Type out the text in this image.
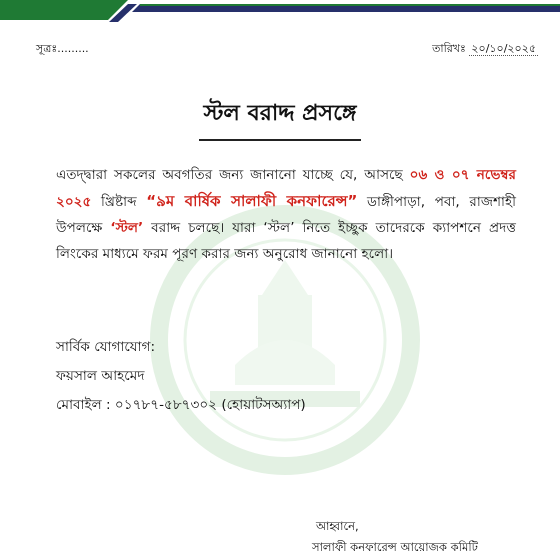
সূত্রঃ.........	তারিখঃ ২০/১০/২০২৫
স্টল বরাদ্দ প্রসঙ্গে
এতদ্দ্বারা সকলের অবগতির জন্য জানানো যাচ্ছে যে, আসছে ০৬ ও ০৭ নভেম্বর ২০২৫ খ্রিষ্টাব্দ “৯ম বার্ষিক সালাফী কনফারেন্স” ডাঙ্গীপাড়া, পবা, রাজশাহী উপলক্ষে ‘স্টল’ বরাদ্দ চলছে। যারা ‘স্টল’ নিতে ইচ্ছুক তাদেরকে ক্যাপশনে প্রদত্ত লিংকের মাধ্যমে ফরম পূরণ করার জন্য অনুরোধ জানানো হলো।
সার্বিক যোগাযোগ:
ফয়সাল আহমেদ
মোবাইল : ০১৭৮৭-৫৮৭৩০২ (হোয়াটসঅ্যাপ)
আহ্বানে,
সালাফী কনফারেন্স আয়োজক কমিটি
